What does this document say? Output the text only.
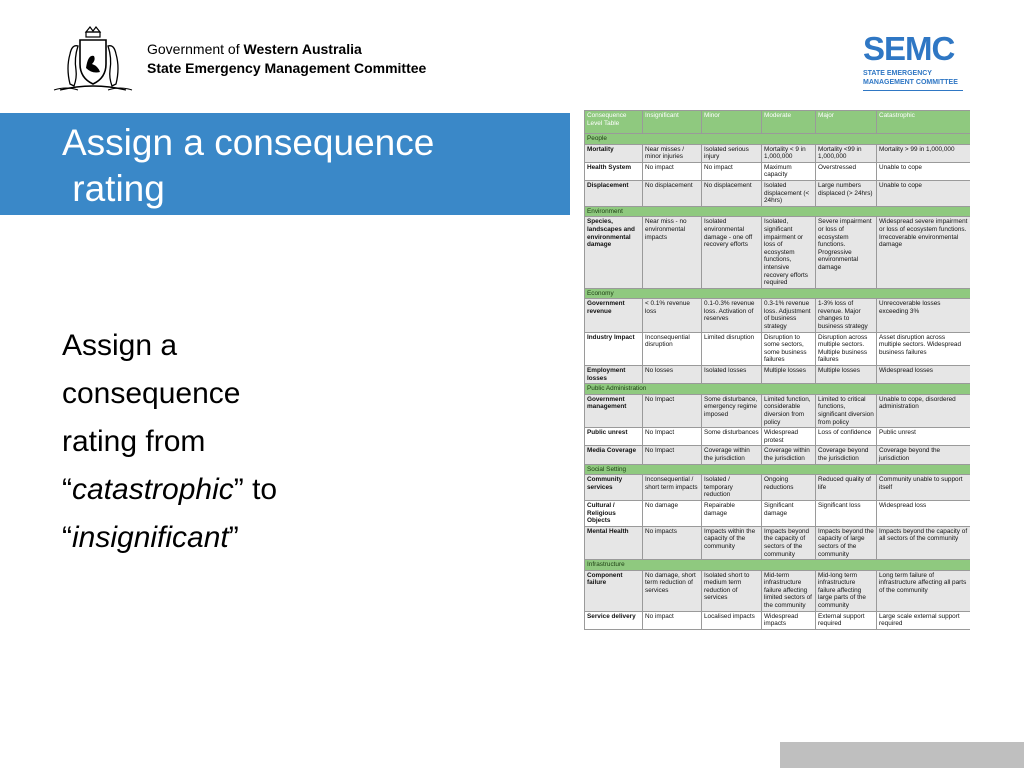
Government of Western Australia
State Emergency Management Committee
SEMC
STATE EMERGENCY
MANAGEMENT COMMITTEE
Assign a consequence
rating
Assign a
consequence
rating from
“catastrophic” to
“insignificant”
Consequence Level Table	Insignificant	Minor	Moderate	Major	Catastrophic
People					
Mortality	Near misses / minor injuries	Isolated serious injury	Mortality < 9 in 1,000,000	Mortality <99 in 1,000,000	Mortality > 99 in 1,000,000
Health System	No impact	No impact	Maximum capacity	Overstressed	Unable to cope
Displacement	No displacement	No displacement	Isolated displacement (< 24hrs)	Large numbers displaced (> 24hrs)	Unable to cope
Environment					
Species, landscapes and environmental damage	Near miss - no environmental impacts	Isolated environmental damage - one off recovery efforts	Isolated, significant impairment or loss of ecosystem functions, intensive recovery efforts required	Severe impairment or loss of ecosystem functions. Progressive environmental damage	Widespread severe impairment or loss of ecosystem functions. Irrecoverable environmental damage
Economy					
Government revenue	< 0.1% revenue loss	0.1-0.3% revenue loss. Activation of reserves	0.3-1% revenue loss. Adjustment of business strategy	1-3% loss of revenue. Major changes to business strategy	Unrecoverable losses exceeding 3%
Industry Impact	Inconsequential disruption	Limited disruption	Disruption to some sectors, some business failures	Disruption across multiple sectors. Multiple business failures	Asset disruption across multiple sectors. Widespread business failures
Employment losses	No losses	Isolated losses	Multiple losses	Multiple losses	Widespread losses
Public Administration					
Government management	No Impact	Some disturbance, emergency regime imposed	Limited function, considerable diversion from policy	Limited to critical functions, significant diversion from policy	Unable to cope, disordered administration
Public unrest	No Impact	Some disturbances	Widespread protest	Loss of confidence	Public unrest
Media Coverage	No Impact	Coverage within the jurisdiction	Coverage within the jurisdiction	Coverage beyond the jurisdiction	Coverage beyond the jurisdiction
Social Setting					
Community services	Inconsequential / short term impacts	Isolated / temporary reduction	Ongoing reductions	Reduced quality of life	Community unable to support itself
Cultural / Religious Objects	No damage	Repairable damage	Significant damage	Significant loss	Widespread loss
Mental Health	No impacts	Impacts within the capacity of the community	Impacts beyond the capacity of sectors of the community	Impacts beyond the capacity of large sectors of the community	Impacts beyond the capacity of all sectors of the community
Infrastructure					
Component failure	No damage, short term reduction of services	Isolated short to medium term reduction of services	Mid-term infrastructure failure affecting limited sectors of the community	Mid-long term infrastructure failure affecting large parts of the community	Long term failure of infrastructure affecting all parts of the community
Service delivery	No impact	Localised impacts	Widespread impacts	External support required	Large scale external support required
